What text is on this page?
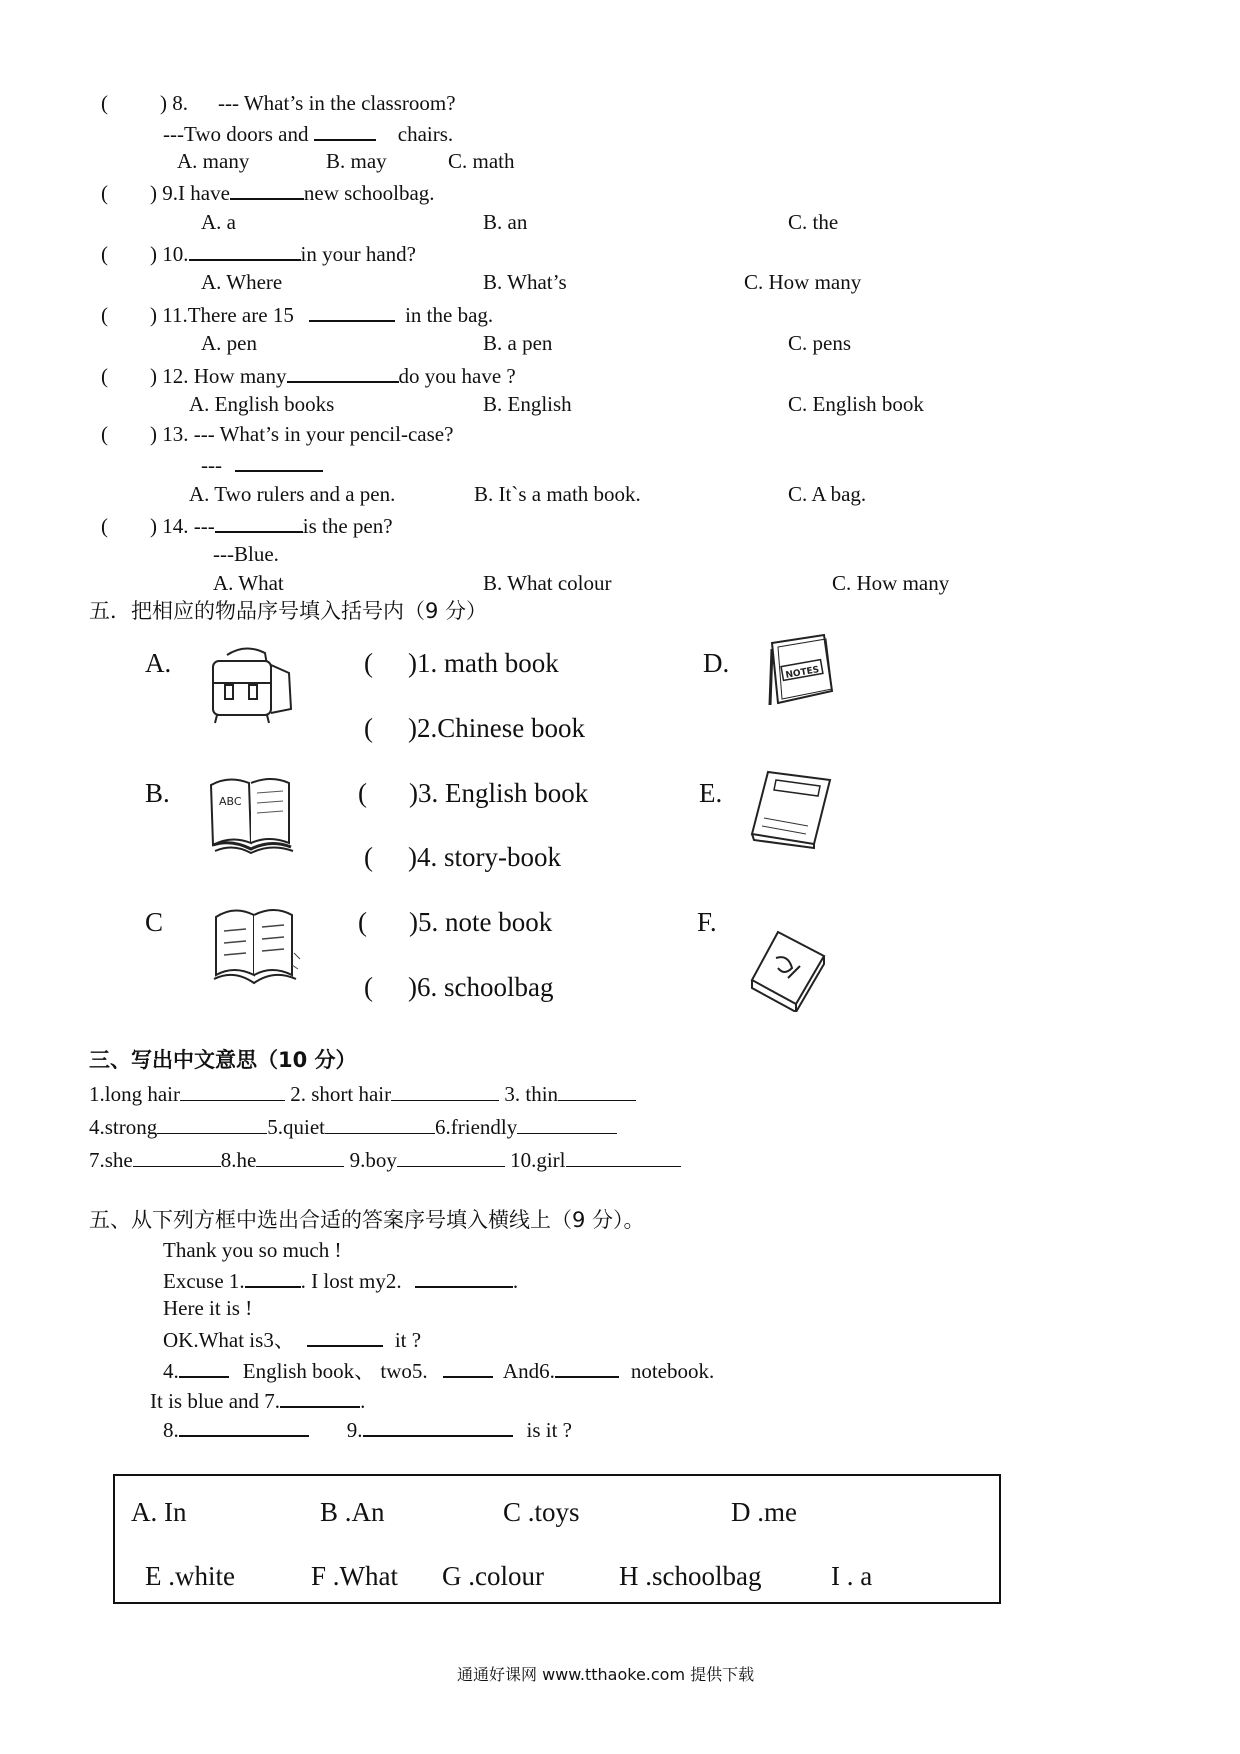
( ) 8. --- What’s in the classroom?
---Two doors and	chairs.
A. many	B. may	C. math
( ) 9.I have	new schoolbag.
A. a	B. an	C. the
( ) 10.	in your hand?
A. Where	B. What’s	C. How many
( ) 11.There are 15	in the bag.
A. pen	B. a pen	C. pens
( ) 12. How many	do you have ?
A. English books	B. English	C. English book
( ) 13. --- What’s in your pencil-case?
---
A. Two rulers and a pen.	B. It`s a math book.	C. A bag.
( ) 14. ---	is the pen?
---Blue.
A. What	B. What colour	C. How many
五．把相应的物品序号填入括号内（9 分）
A.
B.
C
D.
E.
F.
( )1. math book
( )2.Chinese book
( )3. English book
( )4. story-book
( )5. note book
( )6. schoolbag
ABC
NOTES
三、写出中文意思（10 分）
1.long hair	2. short hair	3. thin
4.strong	5.quiet	6.friendly
7.she	8.he	9.boy	10.girl
五、从下列方框中选出合适的答案序号填入横线上（9 分）。
Thank you so much !
Excuse 1.	. I lost my2.	.
Here it is !
OK.What is3、	it ?
4.	English book、 two5.	And6.	notebook.
It is blue and 7.	.
8.	9.	is it ?
A. In	B .An	C .toys	D .me
E .white	F .What G .colour	H .schoolbag	I . a
通通好课网 www.tthaoke.com 提供下载
